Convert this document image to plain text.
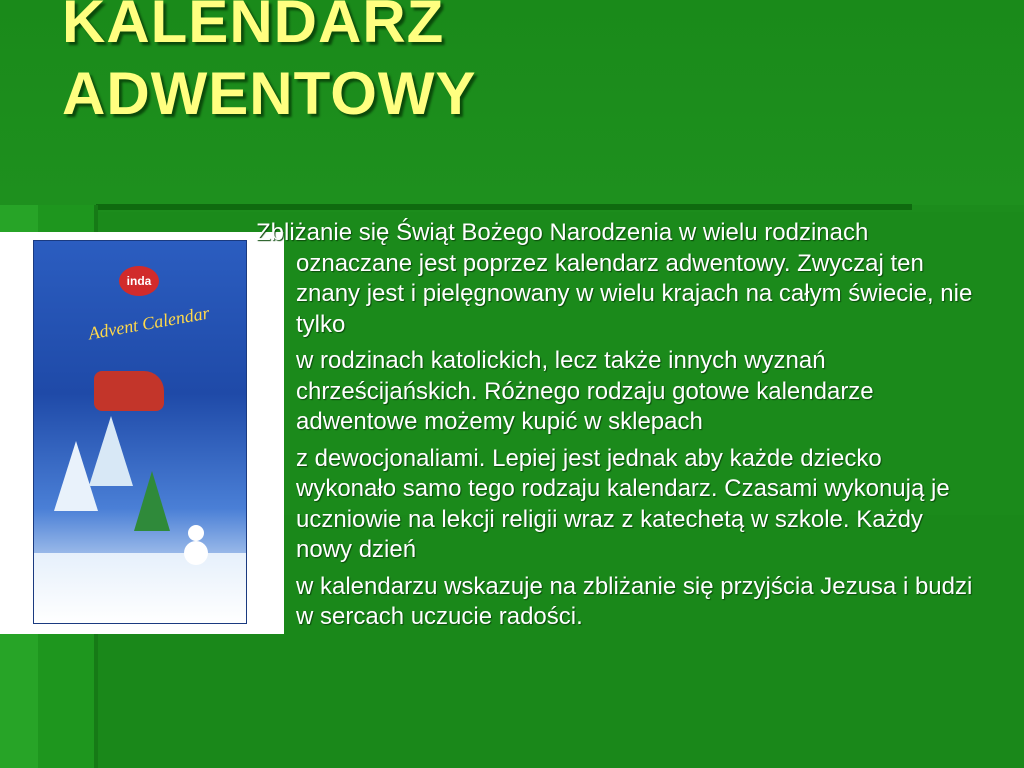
KALENDARZ
ADWENTOWY
inda
Advent Calendar

Zbliżanie się Świąt Bożego Narodzenia w wielu rodzinach oznaczane jest poprzez kalendarz adwentowy. Zwyczaj ten znany jest i pielęgnowany w wielu krajach na całym świecie, nie tylko

w rodzinach katolickich, lecz także innych wyznań chrześcijańskich. Różnego rodzaju gotowe kalendarze adwentowe możemy kupić w sklepach

z dewocjonaliami. Lepiej jest jednak aby każde dziecko wykonało samo tego rodzaju kalendarz. Czasami wykonują je uczniowie na lekcji religii wraz z katechetą w szkole. Każdy nowy dzień

w kalendarzu wskazuje na zbliżanie się przyjścia Jezusa i budzi w sercach uczucie radości.
